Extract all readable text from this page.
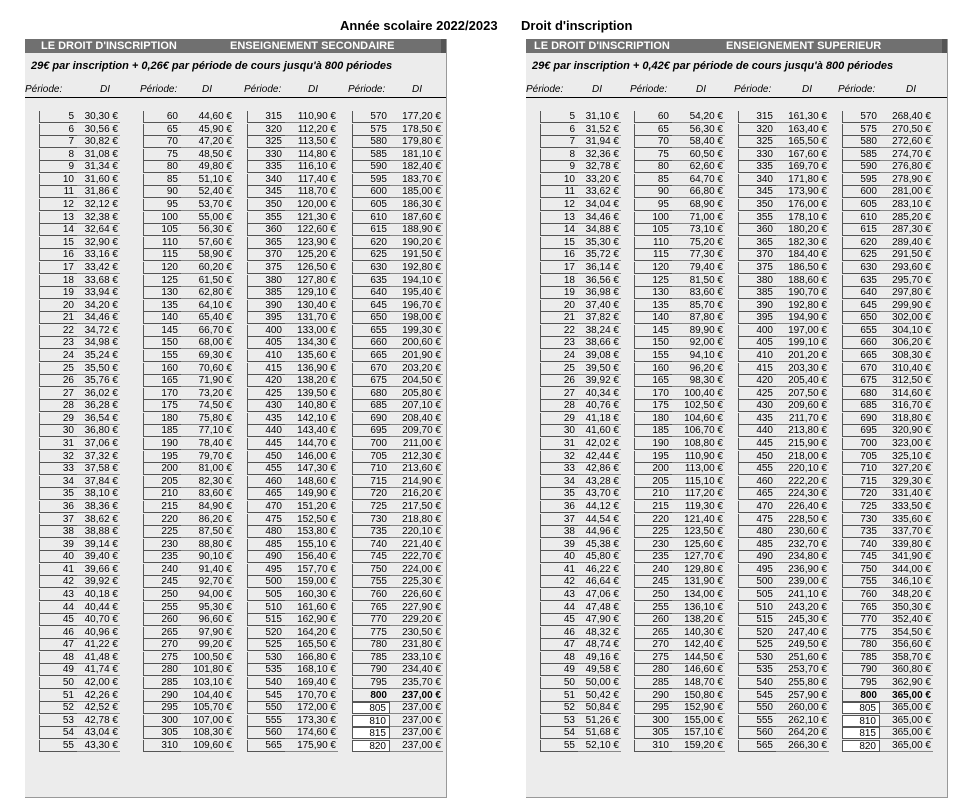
Année scolaire 2022/2023 Droit d'inscription
LE DROIT D'INSCRIPTION	ENSEIGNEMENT SECONDAIRE
29€ par inscription + 0,26€ par période de cours jusqu'à 800 périodes
Période:	DI	Période: DI	Période:	DI	Période:	DI
5	30,30 €	60	44,60 €	315	110,90 €	570	177,20 €
6	30,56 €	65	45,90 €	320	112,20 €	575	178,50 €
7	30,82 €	70	47,20 €	325	113,50 €	580	179,80 €
8	31,08 €	75	48,50 €	330	114,80 €	585	181,10 €
9	31,34 €	80	49,80 €	335	116,10 €	590	182,40 €
10	31,60 €	85	51,10 €	340	117,40 €	595	183,70 €
11	31,86 €	90	52,40 €	345	118,70 €	600	185,00 €
12	32,12 €	95	53,70 €	350	120,00 €	605	186,30 €
13	32,38 €	100	55,00 €	355	121,30 €	610	187,60 €
14	32,64 €	105	56,30 €	360	122,60 €	615	188,90 €
15	32,90 €	110	57,60 €	365	123,90 €	620	190,20 €
16	33,16 €	115	58,90 €	370	125,20 €	625	191,50 €
17	33,42 €	120	60,20 €	375	126,50 €	630	192,80 €
18	33,68 €	125	61,50 €	380	127,80 €	635	194,10 €
19	33,94 €	130	62,80 €	385	129,10 €	640	195,40 €
20	34,20 €	135	64,10 €	390	130,40 €	645	196,70 €
21	34,46 €	140	65,40 €	395	131,70 €	650	198,00 €
22	34,72 €	145	66,70 €	400	133,00 €	655	199,30 €
23	34,98 €	150	68,00 €	405	134,30 €	660	200,60 €
24	35,24 €	155	69,30 €	410	135,60 €	665	201,90 €
25	35,50 €	160	70,60 €	415	136,90 €	670	203,20 €
26	35,76 €	165	71,90 €	420	138,20 €	675	204,50 €
27	36,02 €	170	73,20 €	425	139,50 €	680	205,80 €
28	36,28 €	175	74,50 €	430	140,80 €	685	207,10 €
29	36,54 €	180	75,80 €	435	142,10 €	690	208,40 €
30	36,80 €	185	77,10 €	440	143,40 €	695	209,70 €
31	37,06 €	190	78,40 €	445	144,70 €	700	211,00 €
32	37,32 €	195	79,70 €	450	146,00 €	705	212,30 €
33	37,58 €	200	81,00 €	455	147,30 €	710	213,60 €
34	37,84 €	205	82,30 €	460	148,60 €	715	214,90 €
35	38,10 €	210	83,60 €	465	149,90 €	720	216,20 €
36	38,36 €	215	84,90 €	470	151,20 €	725	217,50 €
37	38,62 €	220	86,20 €	475	152,50 €	730	218,80 €
38	38,88 €	225	87,50 €	480	153,80 €	735	220,10 €
39	39,14 €	230	88,80 €	485	155,10 €	740	221,40 €
40	39,40 €	235	90,10 €	490	156,40 €	745	222,70 €
41	39,66 €	240	91,40 €	495	157,70 €	750	224,00 €
42	39,92 €	245	92,70 €	500	159,00 €	755	225,30 €
43	40,18 €	250	94,00 €	505	160,30 €	760	226,60 €
44	40,44 €	255	95,30 €	510	161,60 €	765	227,90 €
45	40,70 €	260	96,60 €	515	162,90 €	770	229,20 €
46	40,96 €	265	97,90 €	520	164,20 €	775	230,50 €
47	41,22 €	270	99,20 €	525	165,50 €	780	231,80 €
48	41,48 €	275	100,50 €	530	166,80 €	785	233,10 €
49	41,74 €	280	101,80 €	535	168,10 €	790	234,40 €
50	42,00 €	285	103,10 €	540	169,40 €	795	235,70 €
51	42,26 €	290	104,40 €	545	170,70 €	800	237,00 €
52	42,52 €	295	105,70 €	550	172,00 €	805	237,00 €
53	42,78 €	300	107,00 €	555	173,30 €	810	237,00 €
54	43,04 €	305	108,30 €	560	174,60 €	815	237,00 €
55	43,30 €	310	109,60 €	565	175,90 €	820	237,00 €
LE DROIT D'INSCRIPTION	ENSEIGNEMENT SUPERIEUR
29€ par inscription + 0,42€ par période de cours jusqu'à 800 périodes
Période:	DI	Période:	DI	Période:	DI	Période:	DI
5	31,10 €	60	54,20 €	315	161,30 €	570	268,40 €
6	31,52 €	65	56,30 €	320	163,40 €	575	270,50 €
7	31,94 €	70	58,40 €	325	165,50 €	580	272,60 €
8	32,36 €	75	60,50 €	330	167,60 €	585	274,70 €
9	32,78 €	80	62,60 €	335	169,70 €	590	276,80 €
10	33,20 €	85	64,70 €	340	171,80 €	595	278,90 €
11	33,62 €	90	66,80 €	345	173,90 €	600	281,00 €
12	34,04 €	95	68,90 €	350	176,00 €	605	283,10 €
13	34,46 €	100	71,00 €	355	178,10 €	610	285,20 €
14	34,88 €	105	73,10 €	360	180,20 €	615	287,30 €
15	35,30 €	110	75,20 €	365	182,30 €	620	289,40 €
16	35,72 €	115	77,30 €	370	184,40 €	625	291,50 €
17	36,14 €	120	79,40 €	375	186,50 €	630	293,60 €
18	36,56 €	125	81,50 €	380	188,60 €	635	295,70 €
19	36,98 €	130	83,60 €	385	190,70 €	640	297,80 €
20	37,40 €	135	85,70 €	390	192,80 €	645	299,90 €
21	37,82 €	140	87,80 €	395	194,90 €	650	302,00 €
22	38,24 €	145	89,90 €	400	197,00 €	655	304,10 €
23	38,66 €	150	92,00 €	405	199,10 €	660	306,20 €
24	39,08 €	155	94,10 €	410	201,20 €	665	308,30 €
25	39,50 €	160	96,20 €	415	203,30 €	670	310,40 €
26	39,92 €	165	98,30 €	420	205,40 €	675	312,50 €
27	40,34 €	170	100,40 €	425	207,50 €	680	314,60 €
28	40,76 €	175	102,50 €	430	209,60 €	685	316,70 €
29	41,18 €	180	104,60 €	435	211,70 €	690	318,80 €
30	41,60 €	185	106,70 €	440	213,80 €	695	320,90 €
31	42,02 €	190	108,80 €	445	215,90 €	700	323,00 €
32	42,44 €	195	110,90 €	450	218,00 €	705	325,10 €
33	42,86 €	200	113,00 €	455	220,10 €	710	327,20 €
34	43,28 €	205	115,10 €	460	222,20 €	715	329,30 €
35	43,70 €	210	117,20 €	465	224,30 €	720	331,40 €
36	44,12 €	215	119,30 €	470	226,40 €	725	333,50 €
37	44,54 €	220	121,40 €	475	228,50 €	730	335,60 €
38	44,96 €	225	123,50 €	480	230,60 €	735	337,70 €
39	45,38 €	230	125,60 €	485	232,70 €	740	339,80 €
40	45,80 €	235	127,70 €	490	234,80 €	745	341,90 €
41	46,22 €	240	129,80 €	495	236,90 €	750	344,00 €
42	46,64 €	245	131,90 €	500	239,00 €	755	346,10 €
43	47,06 €	250	134,00 €	505	241,10 €	760	348,20 €
44	47,48 €	255	136,10 €	510	243,20 €	765	350,30 €
45	47,90 €	260	138,20 €	515	245,30 €	770	352,40 €
46	48,32 €	265	140,30 €	520	247,40 €	775	354,50 €
47	48,74 €	270	142,40 €	525	249,50 €	780	356,60 €
48	49,16 €	275	144,50 €	530	251,60 €	785	358,70 €
49	49,58 €	280	146,60 €	535	253,70 €	790	360,80 €
50	50,00 €	285	148,70 €	540	255,80 €	795	362,90 €
51	50,42 €	290	150,80 €	545	257,90 €	800	365,00 €
52	50,84 €	295	152,90 €	550	260,00 €	805	365,00 €
53	51,26 €	300	155,00 €	555	262,10 €	810	365,00 €
54	51,68 €	305	157,10 €	560	264,20 €	815	365,00 €
55	52,10 €	310	159,20 €	565	266,30 €	820	365,00 €
